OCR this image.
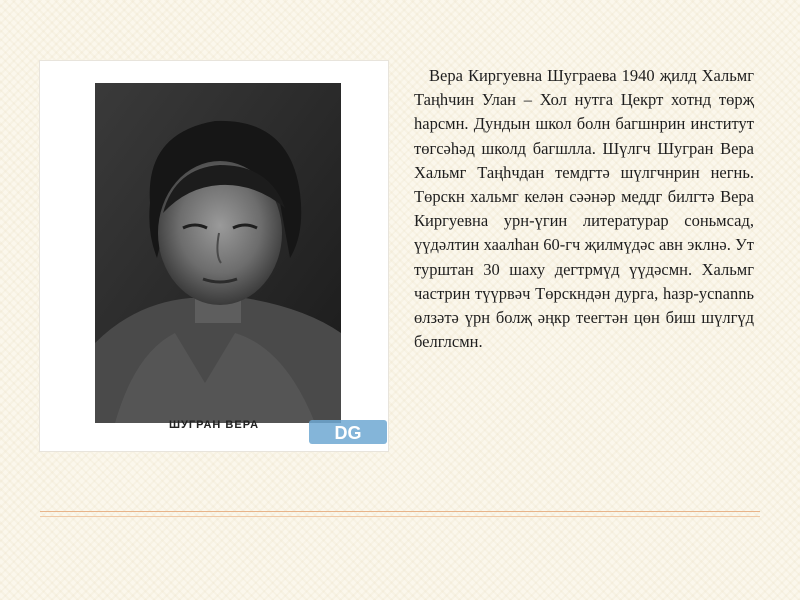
ШУГРАН ВЕРА	DG

Вера Киргуевна Шуграева 1940 җилд Хальмг Таңһчин Улан – Хол нутга Цекрт хотнд төрҗ һарсмн. Дундын школ болн багшнрин институт төгсәһәд школд багшлла. Шүлгч Шугран Вера Хальмг Таңһчдан темдгтә шүлгчнрин негнь. Төрскн хальмг келән сәәнәр меддг билгтә Вера Киргуевна урн-үгин литературар соньмсад, үүдәлтин хаалһан 60-гч җилмүдәс авн эклнә. Ут турштан 30 шаху дегтрмүд үүдәсмн. Хальмг частрин түүрвәч Төрскндән дурга, һазр-усnannь өлзәтә үрн болҗ әңкр теегтән цөн биш шүлгүд белглсмн.
